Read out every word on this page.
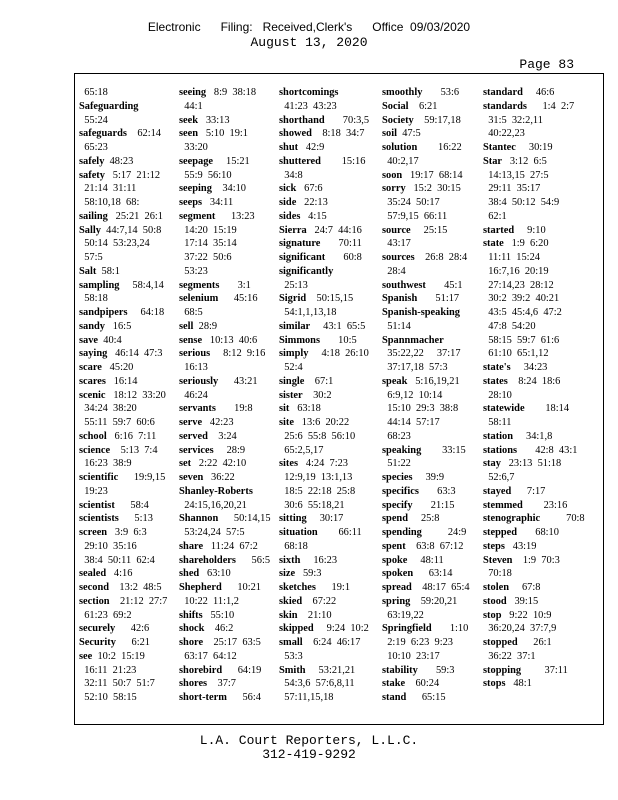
Electronic      Filing:   Received,Clerk's      Office  09/03/2020
August 13, 2020
Page 83
65:18
Safeguarding
55:24
safeguards    62:14
65:23
safely  48:23
safety   5:17  21:12
21:14  31:11
58:10,18  68:
sailing   25:21  26:1
Sally  44:7,14  50:8
50:14  53:23,24
57:5
Salt  58:1
sampling     58:4,14
58:18
sandpipers     64:18
sandy   16:5
save  40:4
saying   46:14  47:3
scare   45:20
scares   16:14
scenic   18:12  33:20
34:24  38:20
55:11  59:7  60:6
school   6:16  7:11
science    5:13  7:4
16:23  38:9
scientific      19:9,15
19:23
scientist      58:4
scientists      5:13
screen   3:9  6:3
29:10  35:16
38:4  50:11  62:4
sealed   4:16
second    13:2  48:5
section    21:12  27:7
61:23  69:2
securely      42:6
Security      6:21
see  10:2  15:19
16:11  21:23
32:11  50:7  51:7
52:10  58:15
seeing   8:9  38:18
44:1
seek   33:13
seen   5:10  19:1
33:20
seepage     15:21
55:9  56:10
seeping    34:10
seeps   34:11
segment      13:23
14:20  15:19
17:14  35:14
37:22  50:6
53:23
segments       3:1
selenium      45:16
68:5
sell  28:9
sense   10:13  40:6
serious     8:12  9:16
16:13
seriously      43:21
46:24
servants       19:8
serve   42:23
served    3:24
services     28:9
set   2:22  42:10
seven   36:22
Shanley-Roberts
24:15,16,20,21
Shannon      50:14,15
53:24,24  57:5
share   11:24  67:2
shareholders      56:5
shed   63:10
Shepherd      10:21
10:22  11:1,2
shifts   55:10
shock    46:2
shore    25:17  63:5
63:17  64:12
shorebird      64:19
shores    37:7
short-term      56:4
shortcomings
41:23  43:23
shorthand       70:3,5
showed    8:18  34:7
shut   42:9
shuttered        15:16
34:8
sick   67:6
side   22:13
sides   4:15
Sierra   24:7  44:16
signature       70:11
significant       60:8
significantly
25:13
Sigrid    50:15,15
54:1,1,13,18
similar     43:1  65:5
Simmons       10:5
simply     4:18  26:10
52:4
single    67:1
sister    30:2
sit   63:18
site   13:6  20:22
25:6  55:8  56:10
65:2,5,17
sites   4:24  7:23
12:9,19  13:1,13
18:5  22:18  25:8
30:6  55:18,21
sitting     30:17
situation        66:11
68:18
sixth     16:23
size   59:3
sketches      19:1
skied    67:22
skin    21:10
skipped     9:24  10:2
small    6:24  46:17
53:3
Smith     53:21,21
54:3,6  57:6,8,11
57:11,15,18
smoothly       53:6
Social    6:21
Society    59:17,18
soil  47:5
solution        16:22
40:2,17
soon   19:17  68:14
sorry   15:2  30:15
35:24  50:17
57:9,15  66:11
source     25:15
43:17
sources    26:8  28:4
28:4
southwest       45:1
Spanish       51:17
Spanish-speaking
51:14
Spannmacher
35:22,22     37:17
37:17,18  57:3
speak   5:16,19,21
6:9,12  10:14
15:10  29:3  38:8
44:14  57:17
68:23
speaking        33:15
51:22
species     39:9
specifics       63:3
specify       21:15
spend     25:8
spending          24:9
spent    63:8  67:12
spoke     48:11
spoken      63:14
spread    48:17  65:4
spring    59:20,21
63:19,22
Springfield       1:10
2:19  6:23  9:23
10:10  23:17
stability       59:3
stake    60:24
stand      65:15
standard     46:6
standards      1:4  2:7
31:5  32:2,11
40:22,23
Stantec     30:19
Star   3:12  6:5
14:13,15  27:5
29:11  35:17
38:4  50:12  54:9
62:1
started     9:10
state   1:9  6:20
11:11  15:24
16:7,16  20:19
27:14,23  28:12
30:2  39:2  40:21
43:5  45:4,6  47:2
47:8  54:20
58:15  59:7  61:6
61:10  65:1,12
state's     34:23
states    8:24  18:6
28:10
statewide        18:14
58:11
station     34:1,8
stations       42:8  43:1
stay   23:13  51:18
52:6,7
stayed      7:17
stemmed        23:16
stenographic          70:8
stepped       68:10
steps   43:19
Steven    1:9  70:3
70:18
stolen     67:8
stood   39:15
stop   9:22  10:9
36:20,24  37:7,9
stopped      26:1
36:22  37:1
stopping         37:11
stops   48:1
L.A. Court Reporters, L.L.C.
312-419-9292
